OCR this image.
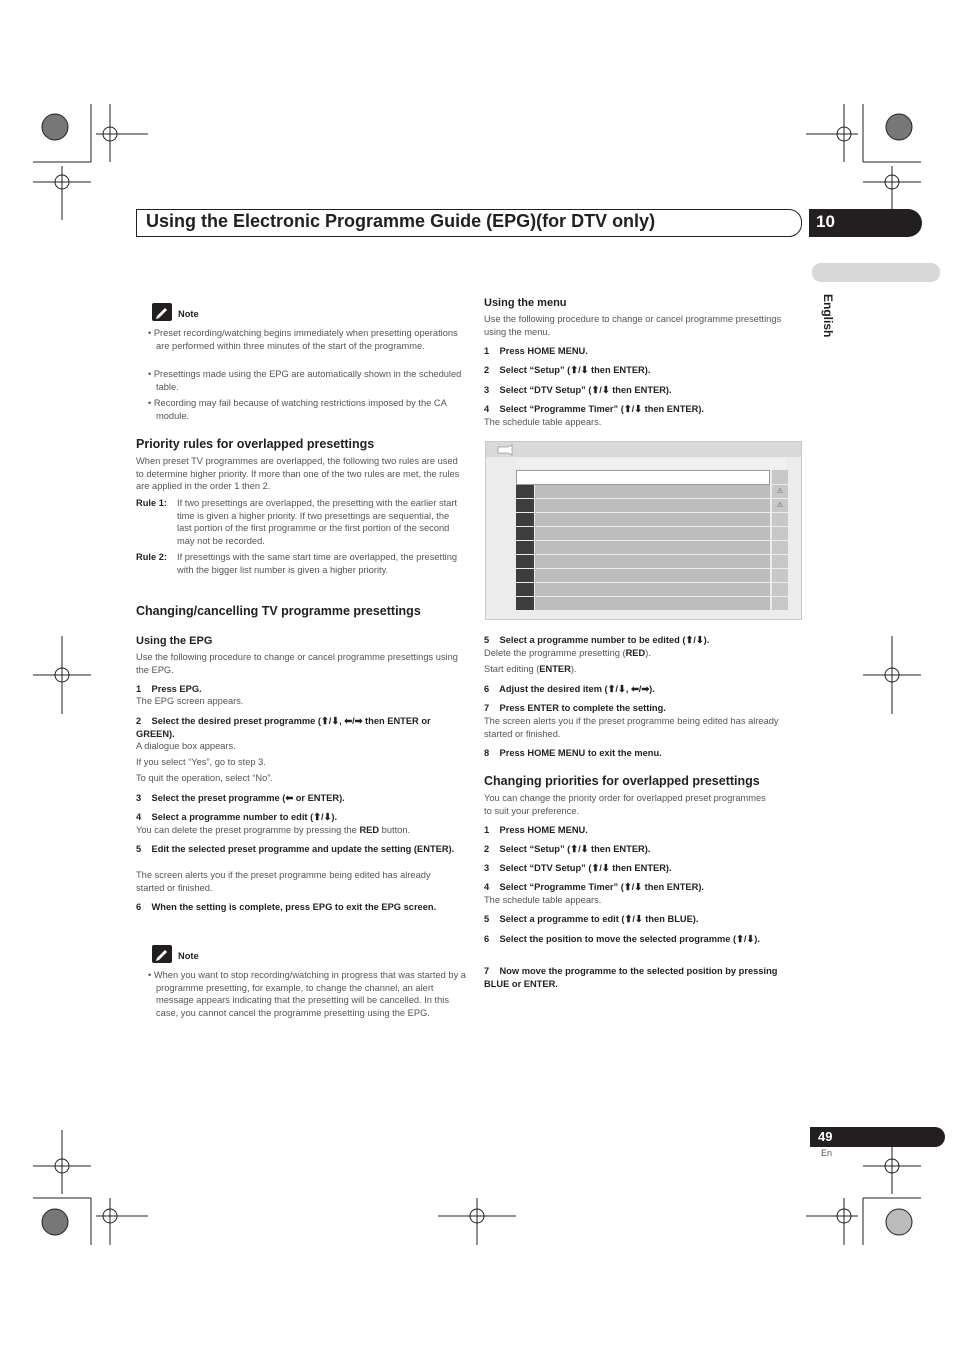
Using the Electronic Programme Guide (EPG)(for DTV only)	10
English
Note
• Preset recording/watching begins immediately when presetting operations are performed within three minutes of the start of the programme.
• Presettings made using the EPG are automatically shown in the scheduled table.
• Recording may fail because of watching restrictions imposed by the CA module.
Priority rules for overlapped presettings
When preset TV programmes are overlapped, the following two rules are used to determine higher priority. If more than one of the two rules are met, the rules are applied in the order 1 then 2.
Rule 1: If two presettings are overlapped, the presetting with the earlier start time is given a higher priority. If two presettings are sequential, the last portion of the first programme or the first portion of the second may not be recorded.
Rule 2: If presettings with the same start time are overlapped, the presetting with the bigger list number is given a higher priority.
Changing/cancelling TV programme presettings
Using the EPG
Use the following procedure to change or cancel programme presettings using the EPG.
1    Press EPG.
The EPG screen appears.
2    Select the desired preset programme (⬆/⬇, ⬅/➡ then ENTER or GREEN).
A dialogue box appears.
If you select “Yes”, go to step 3.
To quit the operation, select “No”.
3    Select the preset programme (⬅ or ENTER).
4    Select a programme number to edit (⬆/⬇).
You can delete the preset programme by pressing the RED button.
5    Edit the selected preset programme and update the setting (ENTER).
The screen alerts you if the preset programme being edited has already started or finished.
6    When the setting is complete, press EPG to exit the EPG screen.
Note
• When you want to stop recording/watching in progress that was started by a programme presetting, for example, to change the channel, an alert message appears indicating that the presetting will be cancelled. In this case, you cannot cancel the programme presetting using the EPG.
Using the menu
Use the following procedure to change or cancel programme presettings using the menu.
1    Press HOME MENU.
2    Select “Setup” (⬆/⬇ then ENTER).
3    Select “DTV Setup” (⬆/⬇ then ENTER).
4    Select “Programme Timer” (⬆/⬇ then ENTER).
The schedule table appears.
⚠
⚠
5    Select a programme number to be edited (⬆/⬇).
Delete the programme presetting (RED).
Start editing (ENTER).
6    Adjust the desired item (⬆/⬇, ⬅/➡).
7    Press ENTER to complete the setting.
The screen alerts you if the preset programme being edited has already started or finished.
8    Press HOME MENU to exit the menu.
Changing priorities for overlapped presettings
You can change the priority order for overlapped preset programmes to suit your preference.
1    Press HOME MENU.
2    Select “Setup” (⬆/⬇ then ENTER).
3    Select “DTV Setup” (⬆/⬇ then ENTER).
4    Select “Programme Timer” (⬆/⬇ then ENTER).
The schedule table appears.
5    Select a programme to edit (⬆/⬇ then BLUE).
6    Select the position to move the selected programme (⬆/⬇).
7    Now move the programme to the selected position by pressing BLUE or ENTER.
49
En
